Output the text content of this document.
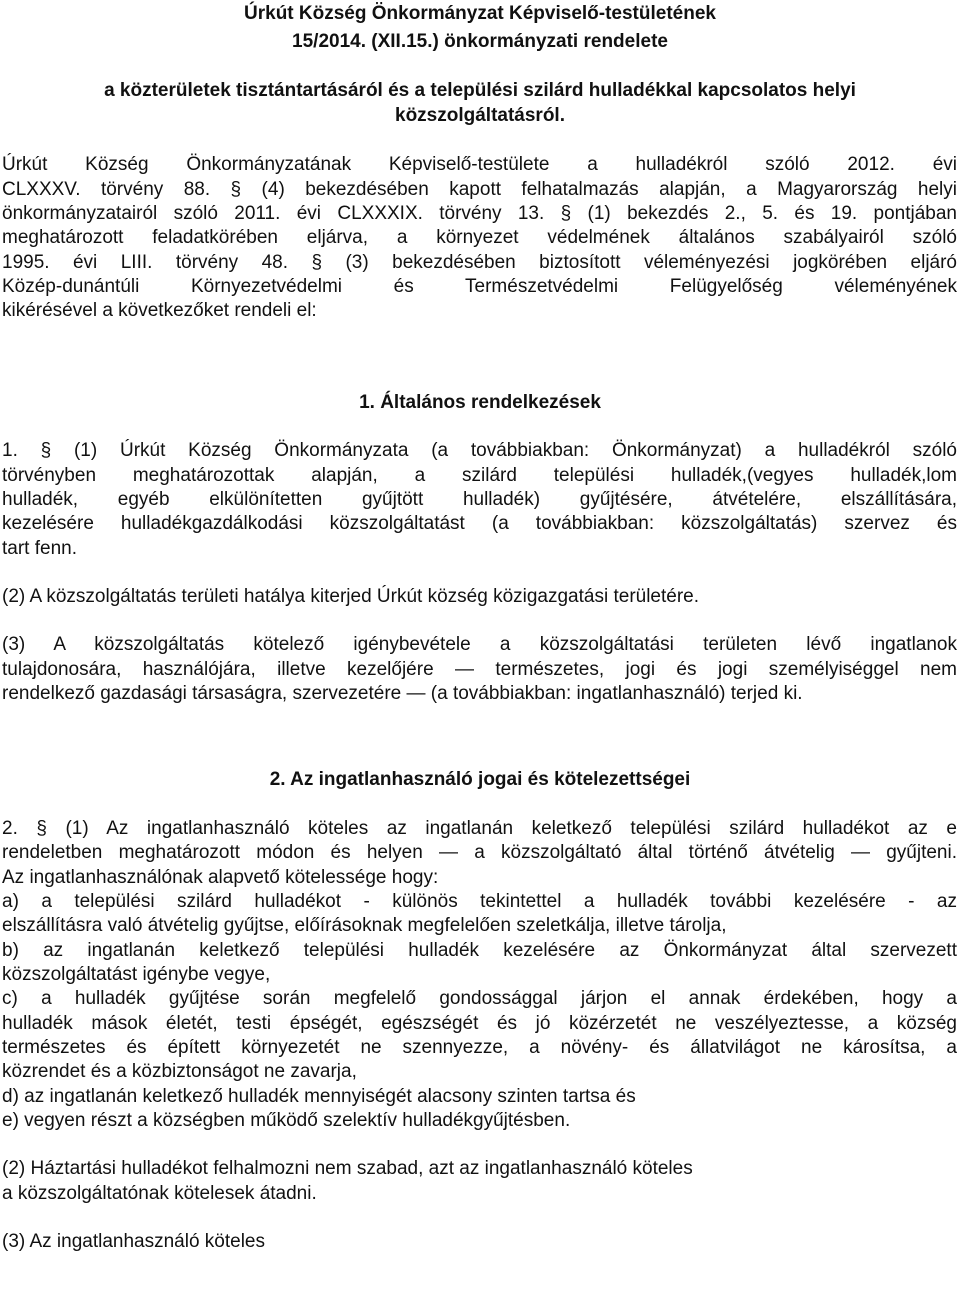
Úrkút Község Önkormányzat Képviselő-testületének
15/2014. (XII.15.) önkormányzati rendelete
a közterületek tisztántartásáról és a települési szilárd hulladékkal kapcsolatos helyi
közszolgáltatásról.
Úrkút Község Önkormányzatának Képviselő-testülete a hulladékról szóló 2012. évi
CLXXXV. törvény 88. § (4) bekezdésében kapott felhatalmazás alapján, a Magyarország helyi
önkormányzatairól szóló 2011. évi CLXXXIX. törvény 13. § (1) bekezdés 2., 5. és 19. pontjában
meghatározott feladatkörében eljárva, a környezet védelmének általános szabályairól szóló
1995. évi LIII. törvény 48. § (3) bekezdésében biztosított véleményezési jogkörében eljáró
Közép-dunántúli Környezetvédelmi és Természetvédelmi Felügyelőség véleményének
kikérésével a következőket rendeli el:
1. Általános rendelkezések
1. § (1) Úrkút Község Önkormányzata (a továbbiakban: Önkormányzat) a hulladékról szóló
törvényben meghatározottak alapján, a szilárd települési hulladék,(vegyes hulladék,lom
hulladék, egyéb elkülönítetten gyűjtött hulladék) gyűjtésére, átvételére, elszállítására,
kezelésére hulladékgazdálkodási közszolgáltatást (a továbbiakban: közszolgáltatás) szervez és
tart fenn.
(2) A közszolgáltatás területi hatálya kiterjed Úrkút község közigazgatási területére.
(3) A közszolgáltatás kötelező igénybevétele a közszolgáltatási területen lévő ingatlanok
tulajdonosára, használójára, illetve kezelőjére — természetes, jogi és jogi személyiséggel nem
rendelkező gazdasági társaságra, szervezetére — (a továbbiakban: ingatlanhasználó) terjed ki.
2. Az ingatlanhasználó jogai és kötelezettségei
2. § (1) Az ingatlanhasználó köteles az ingatlanán keletkező települési szilárd hulladékot az e
rendeletben meghatározott módon és helyen — a közszolgáltató által történő átvételig — gyűjteni.
Az ingatlanhasználónak alapvető kötelessége hogy:
a) a települési szilárd hulladékot - különös tekintettel a hulladék további kezelésére - az
elszállításra való átvételig gyűjtse, előírásoknak megfelelően szeletkálja, illetve tárolja,
b) az ingatlanán keletkező települési hulladék kezelésére az Önkormányzat által szervezett
közszolgáltatást igénybe vegye,
c) a hulladék gyűjtése során megfelelő gondossággal járjon el annak érdekében, hogy a
hulladék mások életét, testi épségét, egészségét és jó közérzetét ne veszélyeztesse, a község
természetes és épített környezetét ne szennyezze, a növény- és állatvilágot ne károsítsa, a
közrendet és a közbiztonságot ne zavarja,
d) az ingatlanán keletkező hulladék mennyiségét alacsony szinten tartsa és
e) vegyen részt a községben működő szelektív hulladékgyűjtésben.
(2) Háztartási hulladékot felhalmozni nem szabad, azt az ingatlanhasználó köteles
a közszolgáltatónak kötelesek átadni.
(3) Az ingatlanhasználó köteles
